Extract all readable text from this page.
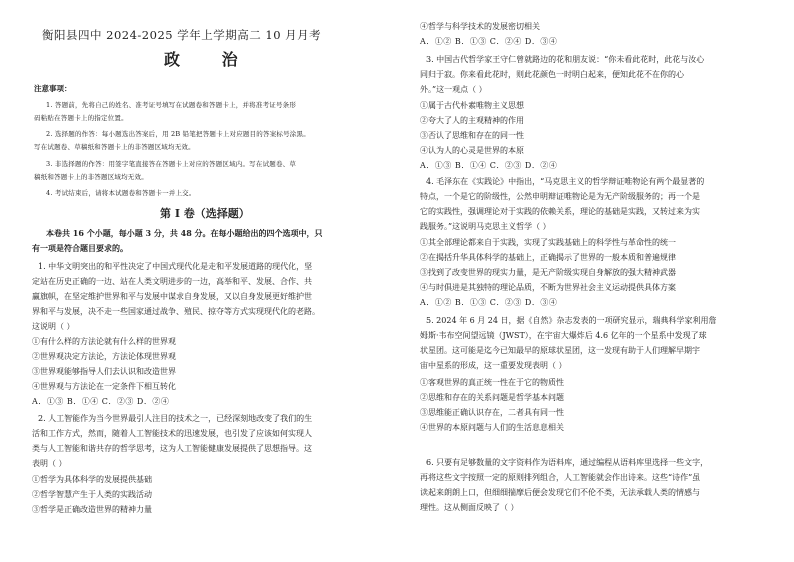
衡阳县四中 2024-2025 学年上学期高二 10 月月考
政 治
注意事项：
1. 答题前，先将自己的姓名、准考证号填写在试题卷和答题卡上，并将准考证号条形
码粘贴在答题卡上的指定位置。
2. 选择题的作答：每小题选出答案后，用 2B 铅笔把答题卡上对应题目的答案标号涂黑。
写在试题卷、草稿纸和答题卡上的非答题区域均无效。
3. 非选择题的作答：用签字笔直接答在答题卡上对应的答题区域内。写在试题卷、草
稿纸和答题卡上的非答题区域均无效。
4. 考试结束后，请将本试题卷和答题卡一并上交。
第 I 卷（选择题）
本卷共 16 个小题，每小题 3 分，共 48 分。在每小题给出的四个选项中，只
有一项是符合题目要求的。
1. 中华文明突出的和平性决定了中国式现代化是走和平发展道路的现代化，坚
定站在历史正确的一边、站在人类文明进步的一边，高举和平、发展、合作、共
赢旗帜，在坚定维护世界和平与发展中谋求自身发展，又以自身发展更好维护世
界和平与发展，决不走一些国家通过战争、殖民、掠夺等方式实现现代化的老路。
这说明（ ）
①有什么样的方法论就有什么样的世界观
②世界观决定方法论，方法论体现世界观
③世界观能够指导人们去认识和改造世界
④世界观与方法论在一定条件下相互转化
A．①③ B．①④ C．②③ D．②④
2. 人工智能作为当今世界最引人注目的技术之一，已经深刻地改变了我们的生
活和工作方式，然而，随着人工智能技术的迅速发展，也引发了应该如何实现人
类与人工智能和谐共存的哲学思考，这为人工智能健康发展提供了思想指导。这
表明（ ）
①哲学为具体科学的发展提供基础
②哲学智慧产生于人类的实践活动
③哲学是正确改造世界的精神力量
④哲学与科学技术的发展密切相关
A．①② B．①③ C．②④ D．③④
3. 中国古代哲学家王守仁曾就路边的花和朋友说：“你未看此花时，此花与汝心
同归于寂。你来看此花时，则此花颜色一时明白起来，便知此花不在你的心
外。”这一观点（ ）
①属于古代朴素唯物主义思想
②夸大了人的主观精神的作用
③否认了思维和存在的同一性
④认为人的心灵是世界的本原
A．①③ B．①④ C．②③ D．②④
4. 毛泽东在《实践论》中指出，“马克思主义的哲学辩证唯物论有两个最显著的
特点，一个是它的阶级性，公然申明辩证唯物论是为无产阶级服务的；再一个是
它的实践性，强调理论对于实践的依赖关系，理论的基础是实践，又转过来为实
践服务。”这说明马克思主义哲学（ ）
①其全部理论都来自于实践，实现了实践基础上的科学性与革命性的统一
②在揭括升华具体科学的基础上，正确揭示了世界的一般本质和普遍规律
③找到了改变世界的现实力量，是无产阶级实现自身解放的强大精神武器
④与时俱进是其独特的理论品质，不断为世界社会主义运动提供具体方案
A．①② B．①③ C．②③ D．③④
5. 2024 年 6 月 24 日，据《自然》杂志发表的一项研究显示，瑞典科学家利用詹
姆斯·韦布空间望远镜（JWST），在宇宙大爆炸后 4.6 亿年的一个星系中发现了球
状星团。这可能是迄今已知最早的原球状星团，这一发现有助于人们理解早期宇
宙中星系的形成，这一重要发现表明（ ）
①客观世界的真正统一性在于它的物质性
②思维和存在的关系问题是哲学基本问题
③思维能正确认识存在，二者具有同一性
④世界的本原问题与人们的生活息息相关
6. 只要有足够数量的文字资料作为语料库，通过编程从语料库里选择一些文字，
再将这些文字按照一定的原则排列组合，人工智能就会作出诗来。这些“诗作”虽
读起来朗朗上口，但细细揣摩后便会发现它们不伦不类，无法承载人类的情感与
理性。这从侧面反映了（ ）
